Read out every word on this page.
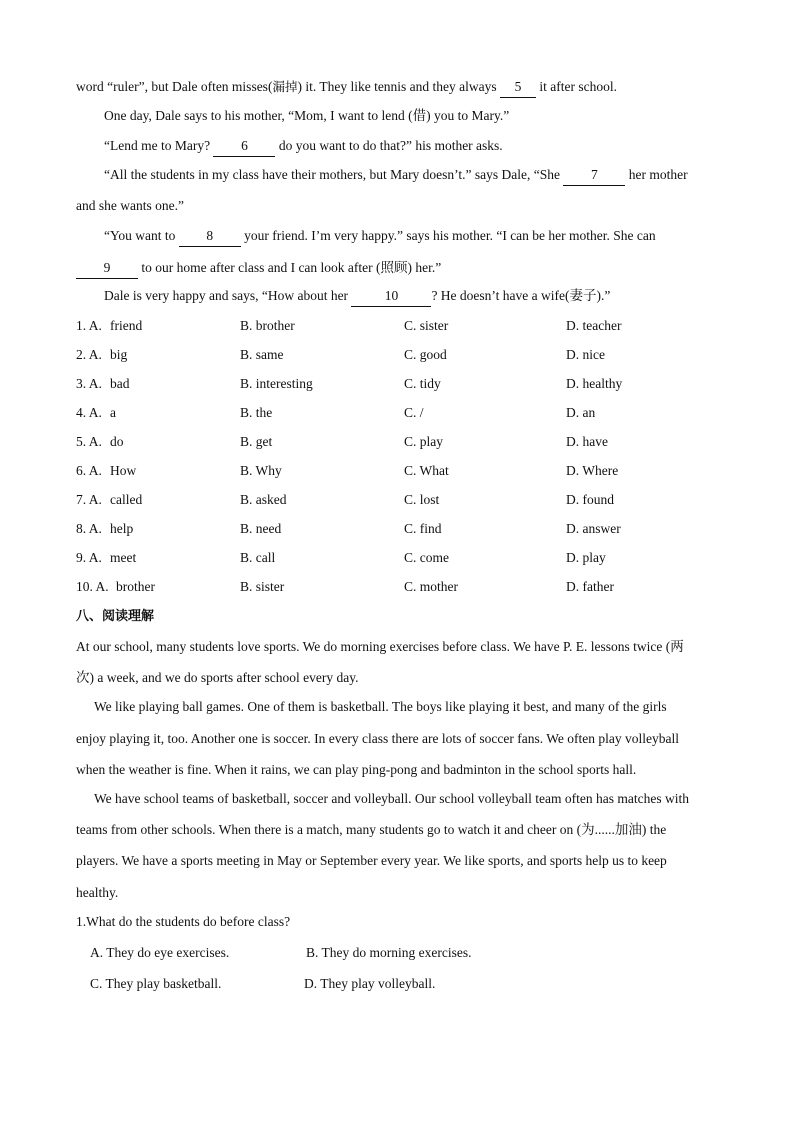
word “ruler”, but Dale often misses(漏掉) it. They like tennis and they always 5 it after school.
One day, Dale says to his mother, “Mom, I want to lend (借) you to Mary.”
“Lend me to Mary? 6 do you want to do that?” his mother asks.
“All the students in my class have their mothers, but Mary doesn’t.” says Dale, “She 7 her mother
and she wants one.”
“You want to 8 your friend. I’m very happy.” says his mother. “I can be her mother. She can
9 to our home after class and I can look after (照顾) her.”
Dale is very happy and says, “How about her 10 ? He doesn’t have a wife(妻子).”
1. A. friend	B. brother	C. sister	D. teacher
2. A. big	B. same	C. good	D. nice
3. A. bad	B. interesting	C. tidy	D. healthy
4. A. a	B. the	C. /	D. an
5. A. do	B. get	C. play	D. have
6. A. How	B. Why	C. What	D. Where
7. A. called	B. asked	C. lost	D. found
8. A. help	B. need	C. find	D. answer
9. A. meet	B. call	C. come	D. play
10. A. brother	B. sister	C. mother	D. father
八、阅读理解
At our school, many students love sports. We do morning exercises before class. We have P. E. lessons twice (两
次) a week, and we do sports after school every day.
We like playing ball games. One of them is basketball. The boys like playing it best, and many of the girls
enjoy playing it, too. Another one is soccer. In every class there are lots of soccer fans. We often play volleyball
when the weather is fine. When it rains, we can play ping-pong and badminton in the school sports hall.
We have school teams of basketball, soccer and volleyball. Our school volleyball team often has matches with
teams from other schools. When there is a match, many students go to watch it and cheer on (为......加油) the
players. We have a sports meeting in May or September every year. We like sports, and sports help us to keep
healthy.
1.What do the students do before class?
A. They do eye exercises.	B. They do morning exercises.
C. They play basketball.	D. They play volleyball.
